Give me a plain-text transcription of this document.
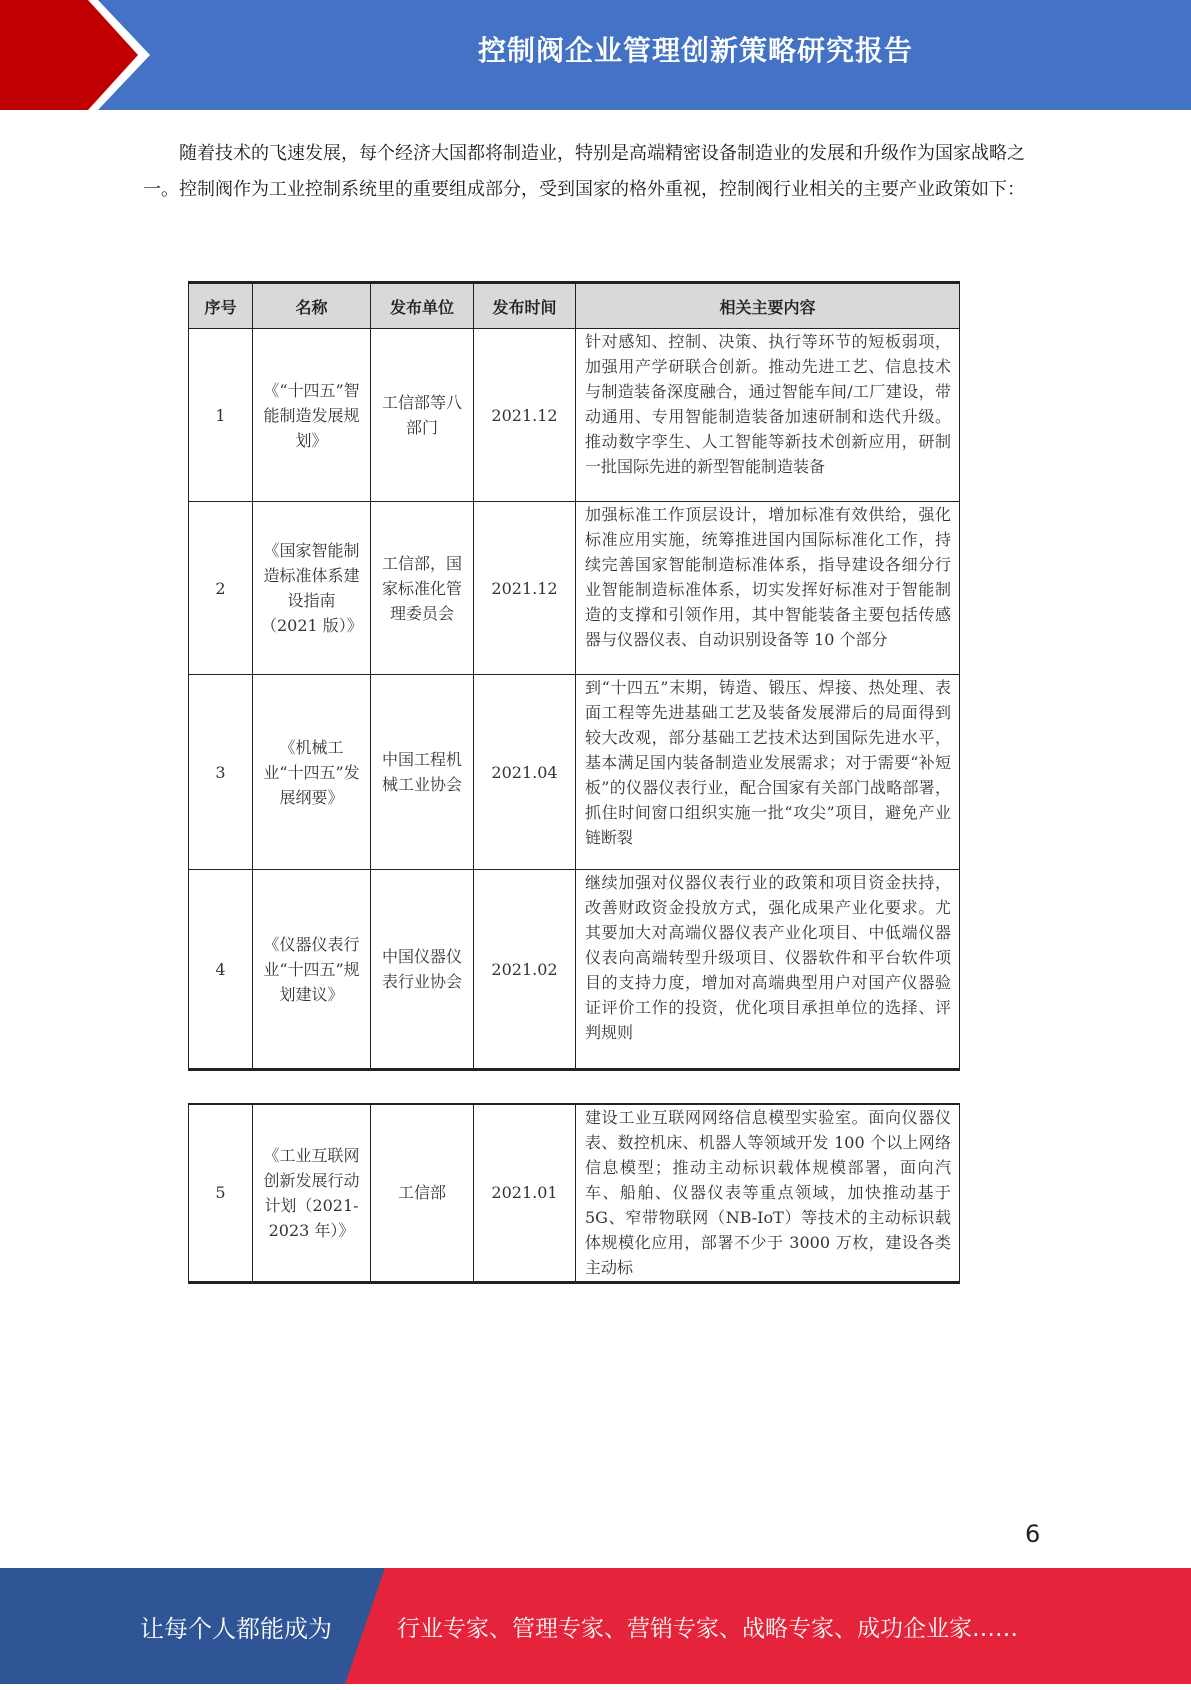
控制阀企业管理创新策略研究报告

随着技术的飞速发展，每个经济大国都将制造业，特别是高端精密设备制造业的发展和升级作为国家战略之一。控制阀作为工业控制系统里的重要组成部分，受到国家的格外重视，控制阀行业相关的主要产业政策如下：

序号	名称	发布单位	发布时间	相关主要内容
1	《“十四五”智能制造发展规划》	工信部等八部门	2021.12	针对感知、控制、决策、执行等环节的短板弱项，加强用产学研联合创新。推动先进工艺、信息技术与制造装备深度融合，通过智能车间/工厂建设，带动通用、专用智能制造装备加速研制和迭代升级。推动数字孪生、人工智能等新技术创新应用，研制一批国际先进的新型智能制造装备
2	《国家智能制造标准体系建设指南（2021 版）》	工信部，国家标准化管理委员会	2021.12	加强标准工作顶层设计，增加标准有效供给，强化标准应用实施，统筹推进国内国际标准化工作，持续完善国家智能制造标准体系，指导建设各细分行业智能制造标准体系，切实发挥好标准对于智能制造的支撑和引领作用，其中智能装备主要包括传感器与仪器仪表、自动识别设备等 10 个部分
3	《机械工业“十四五”发展纲要》	中国工程机械工业协会	2021.04	到“十四五”末期，铸造、锻压、焊接、热处理、表面工程等先进基础工艺及装备发展滞后的局面得到较大改观，部分基础工艺技术达到国际先进水平，基本满足国内装备制造业发展需求；对于需要“补短板”的仪器仪表行业，配合国家有关部门战略部署，抓住时间窗口组织实施一批“攻尖”项目，避免产业链断裂
4	《仪器仪表行业“十四五”规划建议》	中国仪器仪表行业协会	2021.02	继续加强对仪器仪表行业的政策和项目资金扶持，改善财政资金投放方式，强化成果产业化要求。尤其要加大对高端仪器仪表产业化项目、中低端仪器仪表向高端转型升级项目、仪器软件和平台软件项目的支持力度，增加对高端典型用户对国产仪器验证评价工作的投资，优化项目承担单位的选择、评判规则
5	《工业互联网创新发展行动计划（2021-2023 年）》	工信部	2021.01	建设工业互联网网络信息模型实验室。面向仪器仪表、数控机床、机器人等领域开发 100 个以上网络信息模型；推动主动标识载体规模部署，面向汽车、船舶、仪器仪表等重点领域，加快推动基于 5G、窄带物联网（NB-IoT）等技术的主动标识载体规模化应用，部署不少于 3000 万枚，建设各类主动标
6
让每个人都能成为	行业专家、管理专家、营销专家、战略专家、成功企业家……
